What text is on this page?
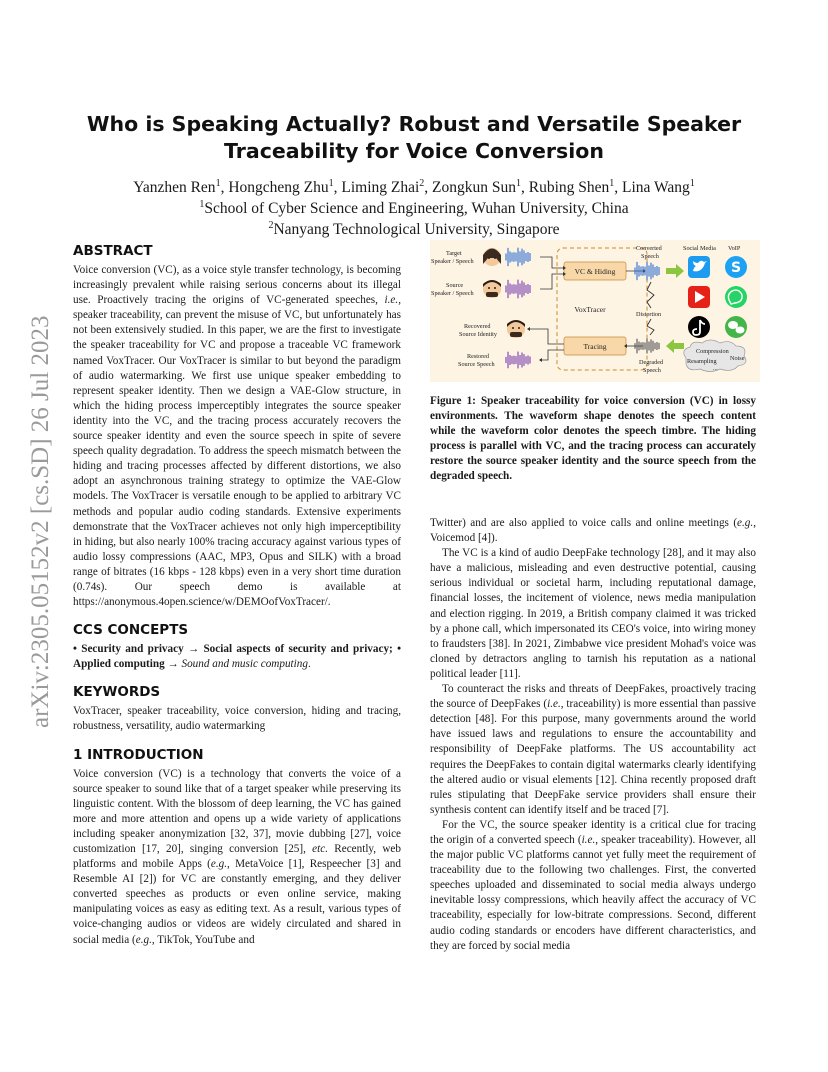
arXiv:2305.05152v2 [cs.SD] 26 Jul 2023
Who is Speaking Actually? Robust and Versatile Speaker
Traceability for Voice Conversion
Yanzhen Ren$^1$, Hongcheng Zhu$^1$, Liming Zhai$^2$, Zongkun Sun$^1$, Rubing Shen$^1$, Lina Wang$^1$
$^1$School of Cyber Science and Engineering, Wuhan University, China
$^2$Nanyang Technological University, Singapore
ABSTRACT

Voice conversion (VC), as a voice style transfer technology, is becoming increasingly prevalent while raising serious concerns about its illegal use. Proactively tracing the origins of VC-generated speeches, i.e., speaker traceability, can prevent the misuse of VC, but unfortunately has not been extensively studied. In this paper, we are the first to investigate the speaker traceability for VC and propose a traceable VC framework named VoxTracer. Our VoxTracer is similar to but beyond the paradigm of audio watermarking. We first use unique speaker embedding to represent speaker identity. Then we design a VAE-Glow structure, in which the hiding process imperceptibly integrates the source speaker identity into the VC, and the tracing process accurately recovers the source speaker identity and even the source speech in spite of severe speech quality degradation. To address the speech mismatch between the hiding and tracing processes affected by different distortions, we also adopt an asynchronous training strategy to optimize the VAE-Glow models. The VoxTracer is versatile enough to be applied to arbitrary VC methods and popular audio coding standards. Extensive experiments demonstrate that the VoxTracer achieves not only high imperceptibility in hiding, but also nearly 100% tracing accuracy against various types of audio lossy compressions (AAC, MP3, Opus and SILK) with a broad range of bitrates (16 kbps - 128 kbps) even in a very short time duration (0.74s). Our speech demo is available at https://anonymous.4open.science/w/DEMOofVoxTracer/.

CCS CONCEPTS

• Security and privacy → Social aspects of security and privacy; • Applied computing → Sound and music computing.

KEYWORDS

VoxTracer, speaker traceability, voice conversion, hiding and tracing, robustness, versatility, audio watermarking

1 INTRODUCTION

Voice conversion (VC) is a technology that converts the voice of a source speaker to sound like that of a target speaker while preserving its linguistic content. With the blossom of deep learning, the VC has gained more and more attention and opens up a wide variety of applications including speaker anonymization [32, 37], movie dubbing [27], voice customization [17, 20], singing conversion [25], etc. Recently, web platforms and mobile Apps (e.g., MetaVoice [1], Respeecher [3] and Resemble AI [2]) for VC are constantly emerging, and they deliver converted speeches as products or even online service, making manipulating voices as easy as editing text. As a result, various types of voice-changing audios or videos are widely circulated and shared in social media (e.g., TikTok, YouTube and

Target
Speaker / Speech
Source
Speaker / Speech
Recovered
Source Identity
Restored
Source Speech
VC & Hiding
VoxTracer
Tracing
Converted
Speech
Distortion
Degraded
Speech
Social Media VoIP
S
Compression
Noise
Resampling
...

Figure 1: Speaker traceability for voice conversion (VC) in lossy environments. The waveform shape denotes the speech content while the waveform color denotes the speech timbre. The hiding process is parallel with VC, and the tracing process can accurately restore the source speaker identity and the source speech from the degraded speech.

Twitter) and are also applied to voice calls and online meetings (e.g., Voicemod [4]).

The VC is a kind of audio DeepFake technology [28], and it may also have a malicious, misleading and even destructive potential, causing serious individual or societal harm, including reputational damage, financial losses, the incitement of violence, news media manipulation and election rigging. In 2019, a British company claimed it was tricked by a phone call, which impersonated its CEO's voice, into wiring money to fraudsters [38]. In 2021, Zimbabwe vice president Mohad's voice was cloned by detractors angling to tarnish his reputation as a national political leader [11].

To counteract the risks and threats of DeepFakes, proactively tracing the source of DeepFakes (i.e., traceability) is more essential than passive detection [48]. For this purpose, many governments around the world have issued laws and regulations to ensure the accountability and responsibility of DeepFake platforms. The US accountability act requires the DeepFakes to contain digital watermarks clearly identifying the altered audio or visual elements [12]. China recently proposed draft rules stipulating that DeepFake service providers shall ensure their synthesis content can identify itself and be traced [7].

For the VC, the source speaker identity is a critical clue for tracing the origin of a converted speech (i.e., speaker traceability). However, all the major public VC platforms cannot yet fully meet the requirement of traceability due to the following two challenges. First, the converted speeches uploaded and disseminated to social media always undergo inevitable lossy compressions, which heavily affect the accuracy of VC traceability, especially for low-bitrate compressions. Second, different audio coding standards or encoders have different characteristics, and they are forced by social media
